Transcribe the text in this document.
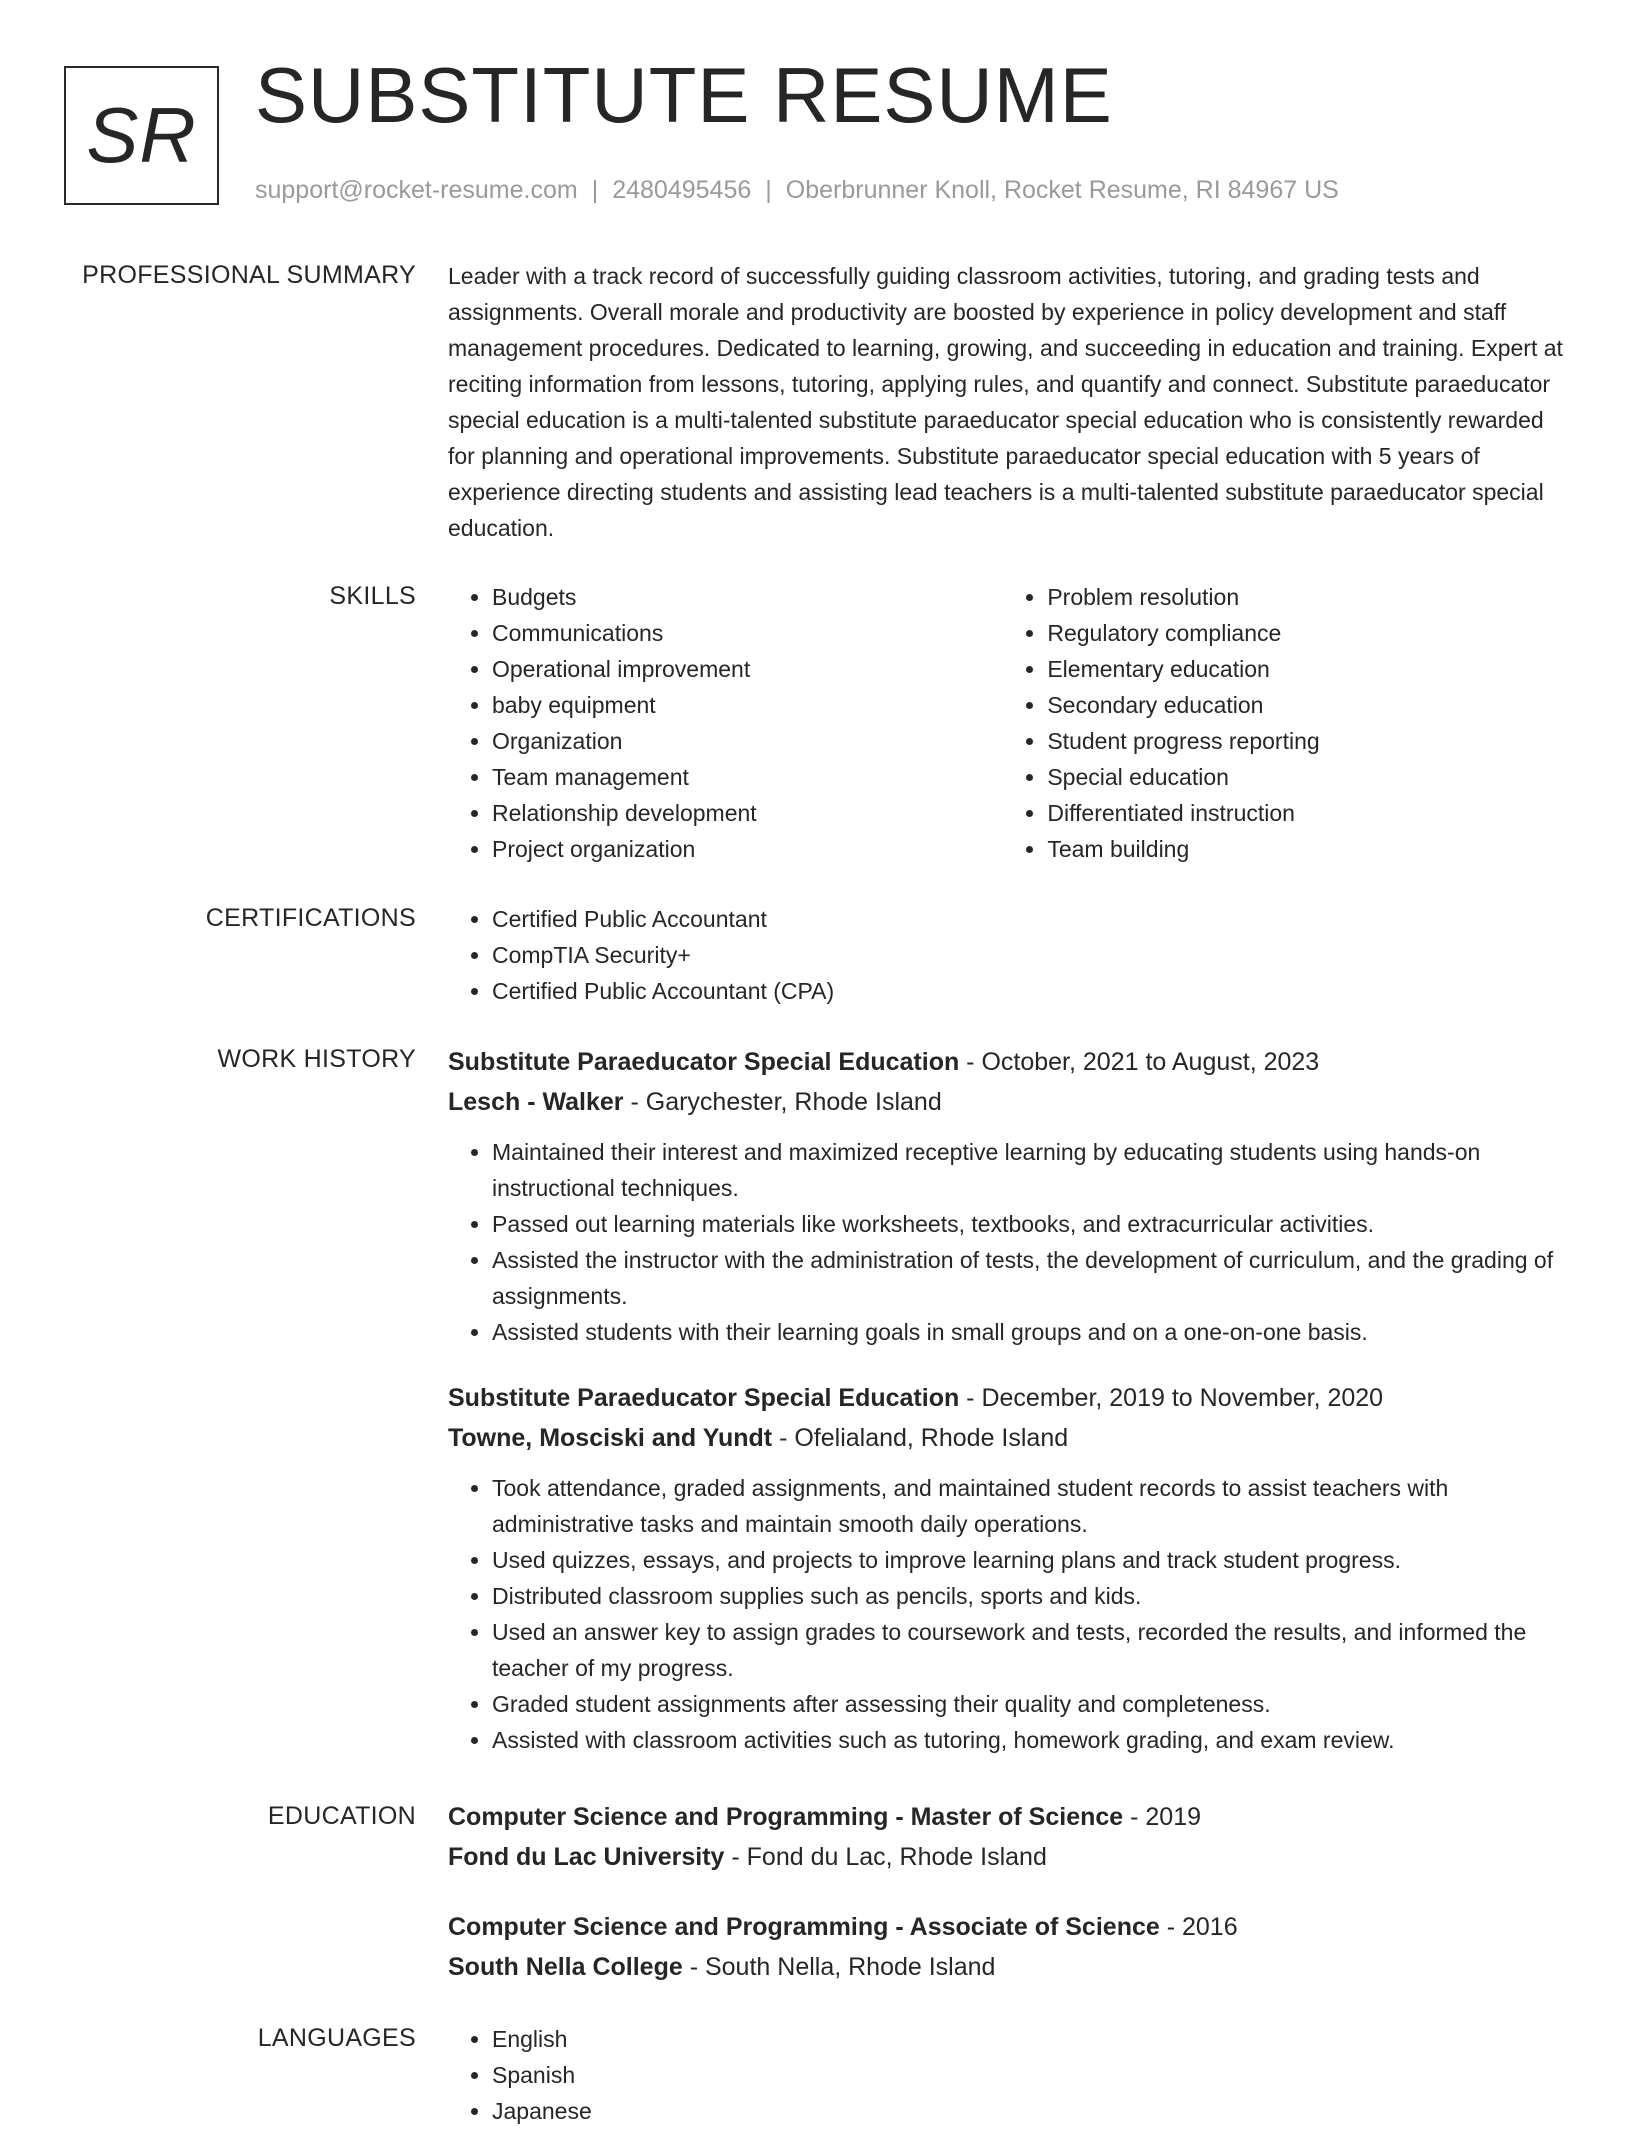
SR SUBSTITUTE RESUME
support@rocket-resume.com | 2480495456 | Oberbrunner Knoll, Rocket Resume, RI 84967 US
PROFESSIONAL SUMMARY Leader with a track record of successfully guiding classroom activities, tutoring, and grading tests and assignments. Overall morale and productivity are boosted by experience in policy development and staff management procedures. Dedicated to learning, growing, and succeeding in education and training. Expert at reciting information from lessons, tutoring, applying rules, and quantify and connect. Substitute paraeducator special education is a multi-talented substitute paraeducator special education who is consistently rewarded for planning and operational improvements. Substitute paraeducator special education with 5 years of experience directing students and assisting lead teachers is a multi-talented substitute paraeducator special education.

SKILLS	• Budgets
• Communications
• Operational improvement
• baby equipment
• Organization
• Team management
• Relationship development
• Project organization
• Problem resolution
• Regulatory compliance
• Elementary education
• Secondary education
• Student progress reporting
• Special education
• Differentiated instruction
• Team building
CERTIFICATIONS	• Certified Public Accountant
• CompTIA Security+
• Certified Public Accountant (CPA)
WORK HISTORY Substitute Paraeducator Special Education - October, 2021 to August, 2023
Lesch - Walker - Garychester, Rhode Island
• Maintained their interest and maximized receptive learning by educating students using hands-on instructional techniques.
• Passed out learning materials like worksheets, textbooks, and extracurricular activities.
• Assisted the instructor with the administration of tests, the development of curriculum, and the grading of assignments.
• Assisted students with their learning goals in small groups and on a one-on-one basis.
Substitute Paraeducator Special Education - December, 2019 to November, 2020
Towne, Mosciski and Yundt - Ofelialand, Rhode Island
• Took attendance, graded assignments, and maintained student records to assist teachers with administrative tasks and maintain smooth daily operations.
• Used quizzes, essays, and projects to improve learning plans and track student progress.
• Distributed classroom supplies such as pencils, sports and kids.
• Used an answer key to assign grades to coursework and tests, recorded the results, and informed the teacher of my progress.
• Graded student assignments after assessing their quality and completeness.
• Assisted with classroom activities such as tutoring, homework grading, and exam review.
EDUCATION Computer Science and Programming - Master of Science - 2019
Fond du Lac University - Fond du Lac, Rhode Island
Computer Science and Programming - Associate of Science - 2016
South Nella College - South Nella, Rhode Island
LANGUAGES	• English
• Spanish
• Japanese
